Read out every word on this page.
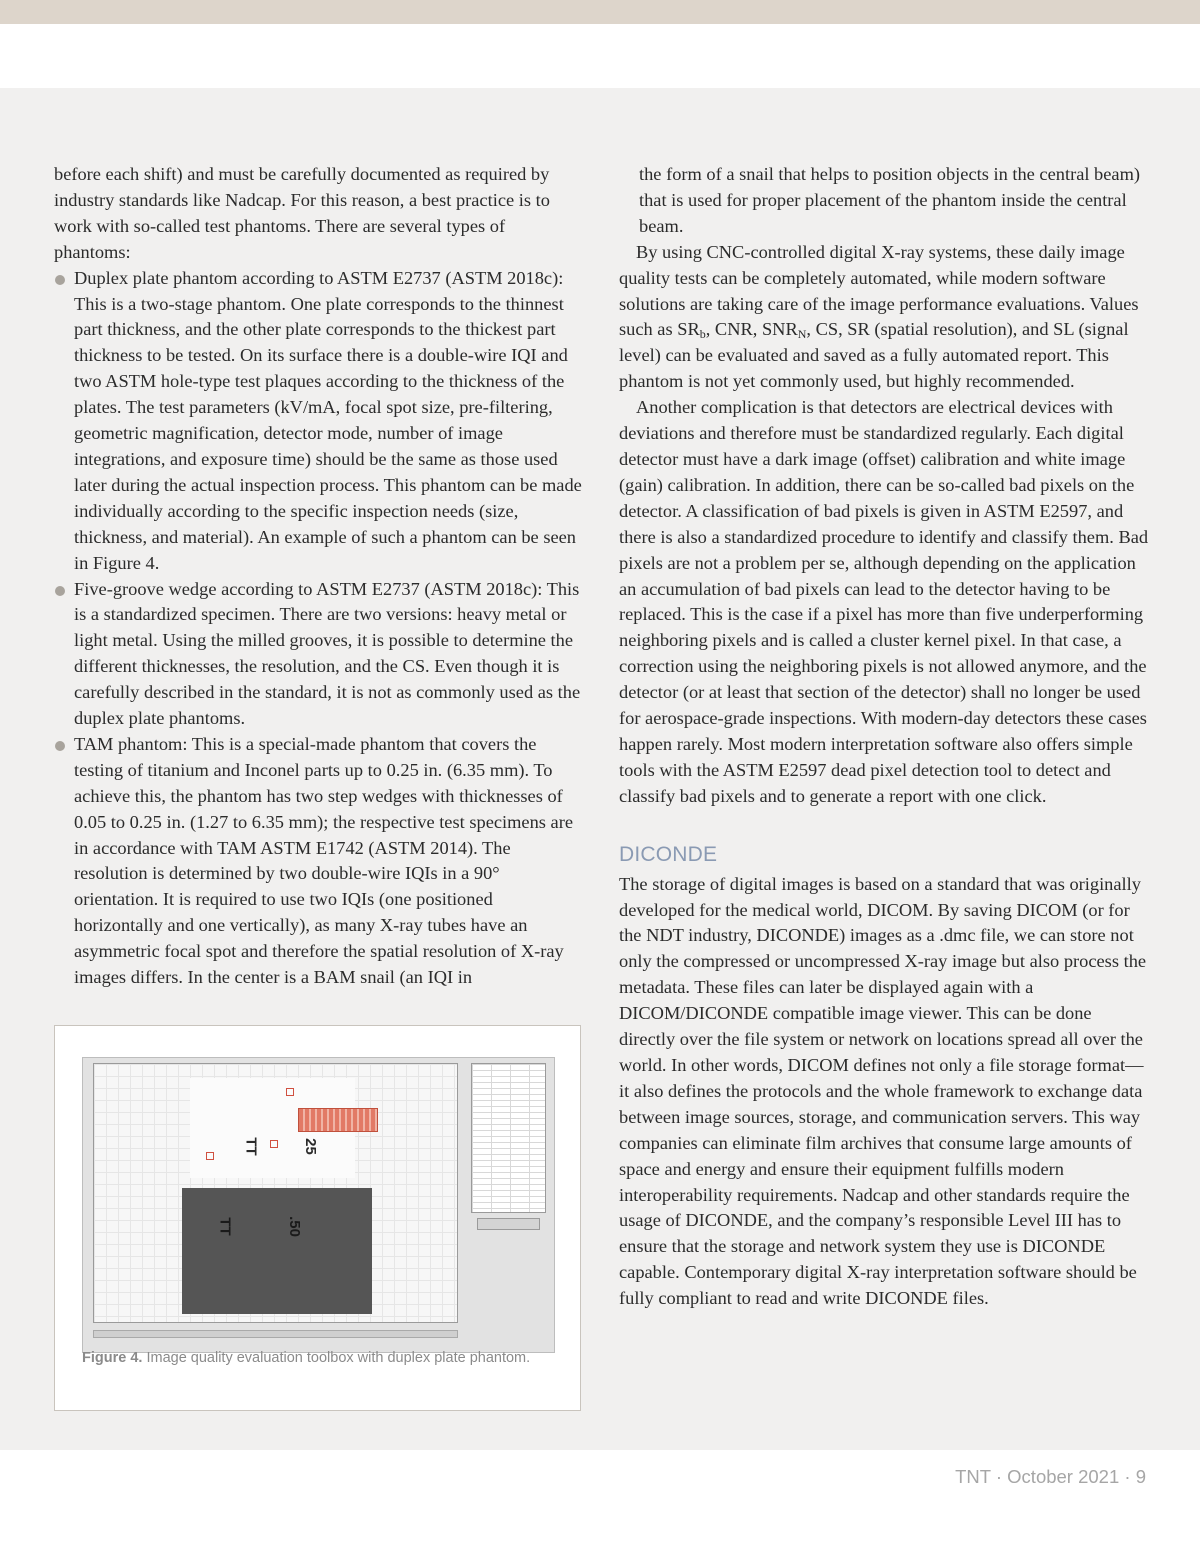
before each shift) and must be carefully documented as required by industry standards like Nadcap. For this reason, a best practice is to work with so-called test phantoms. There are several types of phantoms:

Duplex plate phantom according to ASTM E2737 (ASTM 2018c): This is a two-stage phantom. One plate corresponds to the thinnest part thickness, and the other plate corresponds to the thickest part thickness to be tested. On its surface there is a double-wire IQI and two ASTM hole-type test plaques according to the thickness of the plates. The test parameters (kV/mA, focal spot size, pre-filtering, geometric magnification, detector mode, number of image integrations, and exposure time) should be the same as those used later during the actual inspection process. This phantom can be made individually according to the specific inspection needs (size, thickness, and material). An example of such a phantom can be seen in Figure 4.
Five-groove wedge according to ASTM E2737 (ASTM 2018c): This is a standardized specimen. There are two versions: heavy metal or light metal. Using the milled grooves, it is possible to determine the different thicknesses, the resolution, and the CS. Even though it is carefully described in the standard, it is not as commonly used as the duplex plate phantoms.
TAM phantom: This is a special-made phantom that covers the testing of titanium and Inconel parts up to 0.25 in. (6.35 mm). To achieve this, the phantom has two step wedges with thicknesses of 0.05 to 0.25 in. (1.27 to 6.35 mm); the respective test specimens are in accordance with TAM ASTM E1742 (ASTM 2014). The resolution is determined by two double-wire IQIs in a 90° orientation. It is required to use two IQIs (one positioned horizontally and one vertically), as many X-ray tubes have an asymmetric focal spot and therefore the spatial resolution of X-ray images differs. In the center is a BAM snail (an IQI in

the form of a snail that helps to position objects in the central beam) that is used for proper placement of the phantom inside the central beam.

By using CNC-controlled digital X-ray systems, these daily image quality tests can be completely automated, while modern software solutions are taking care of the image performance evaluations. Values such as $SR_b$, CNR, $SNR_N$, CS, SR (spatial resolution), and SL (signal level) can be evaluated and saved as a fully automated report. This phantom is not yet commonly used, but highly recommended.

Another complication is that detectors are electrical devices with deviations and therefore must be standardized regularly. Each digital detector must have a dark image (offset) calibration and white image (gain) calibration. In addition, there can be so-called bad pixels on the detector. A classification of bad pixels is given in ASTM E2597, and there is also a standardized procedure to identify and classify them. Bad pixels are not a problem per se, although depending on the application an accumulation of bad pixels can lead to the detector having to be replaced. This is the case if a pixel has more than five underperforming neighboring pixels and is called a cluster kernel pixel. In that case, a correction using the neighboring pixels is not allowed anymore, and the detector (or at least that section of the detector) shall no longer be used for aerospace-grade inspections. With modern-day detectors these cases happen rarely. Most modern interpretation software also offers simple tools with the ASTM E2597 dead pixel detection tool to detect and classify bad pixels and to generate a report with one click.

DICONDE

The storage of digital images is based on a standard that was originally developed for the medical world, DICOM. By saving DICOM (or for the NDT industry, DICONDE) images as a .dmc file, we can store not only the compressed or uncompressed X-ray image but also process the metadata. These files can later be displayed again with a DICOM/DICONDE compatible image viewer. This can be done directly over the file system or network on locations spread all over the world. In other words, DICOM defines not only a file storage format—it also defines the protocols and the whole framework to exchange data between image sources, storage, and communication servers. This way companies can eliminate film archives that consume large amounts of space and energy and ensure their equipment fulfills modern interoperability requirements. Nadcap and other standards require the usage of DICONDE, and the company’s responsible Level III has to ensure that the storage and network system they use is DICONDE capable. Contemporary digital X-ray interpretation software should be fully compliant to read and write DICONDE files.

TT	25
TT	.50
Figure 4. Image quality evaluation toolbox with duplex plate phantom.
TNT · October 2021 · 9
